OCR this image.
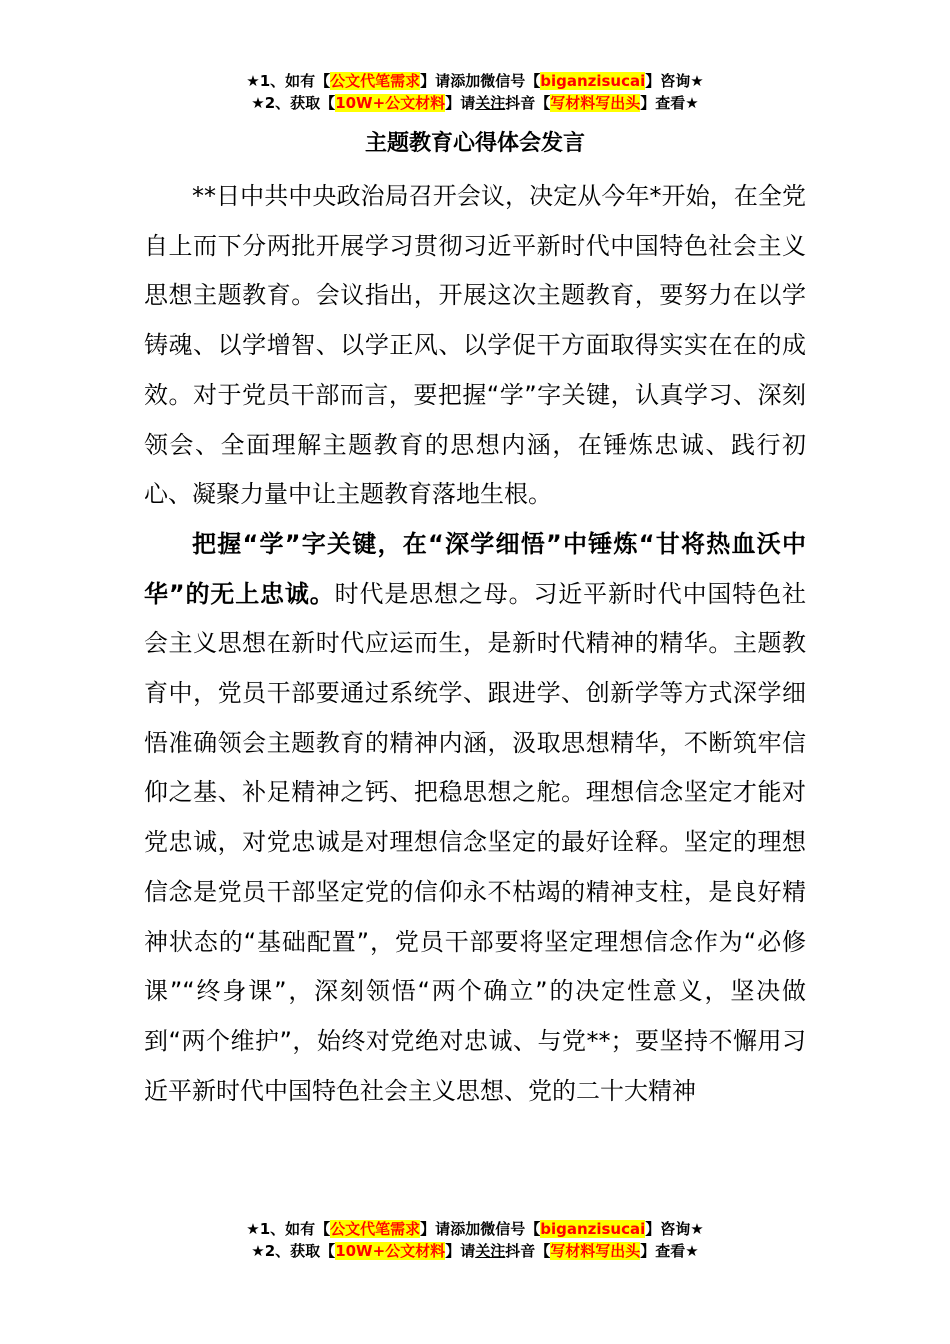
★1、如有【公文代笔需求】请添加微信号【biganzisucai】咨询★
★2、获取【10W+公文材料】请关注抖音【写材料写出头】查看★
主题教育心得体会发言

**日中共中央政治局召开会议，决定从今年*开始，在全党自上而下分两批开展学习贯彻习近平新时代中国特色社会主义思想主题教育。会议指出，开展这次主题教育，要努力在以学铸魂、以学增智、以学正风、以学促干方面取得实实在在的成效。对于党员干部而言，要把握“学”字关键，认真学习、深刻领会、全面理解主题教育的思想内涵，在锤炼忠诚、践行初心、凝聚力量中让主题教育落地生根。

把握“学”字关键，在“深学细悟”中锤炼“甘将热血沃中华”的无上忠诚。时代是思想之母。习近平新时代中国特色社会主义思想在新时代应运而生，是新时代精神的精华。主题教育中，党员干部要通过系统学、跟进学、创新学等方式深学细悟准确领会主题教育的精神内涵，汲取思想精华，不断筑牢信仰之基、补足精神之钙、把稳思想之舵。理想信念坚定才能对党忠诚，对党忠诚是对理想信念坚定的最好诠释。坚定的理想信念是党员干部坚定党的信仰永不枯竭的精神支柱，是良好精神状态的“基础配置”，党员干部要将坚定理想信念作为“必修课”“终身课”，深刻领悟“两个确立”的决定性意义，坚决做到“两个维护”，始终对党绝对忠诚、与党**；要坚持不懈用习近平新时代中国特色社会主义思想、党的二十大精神

★1、如有【公文代笔需求】请添加微信号【biganzisucai】咨询★
★2、获取【10W+公文材料】请关注抖音【写材料写出头】查看★
